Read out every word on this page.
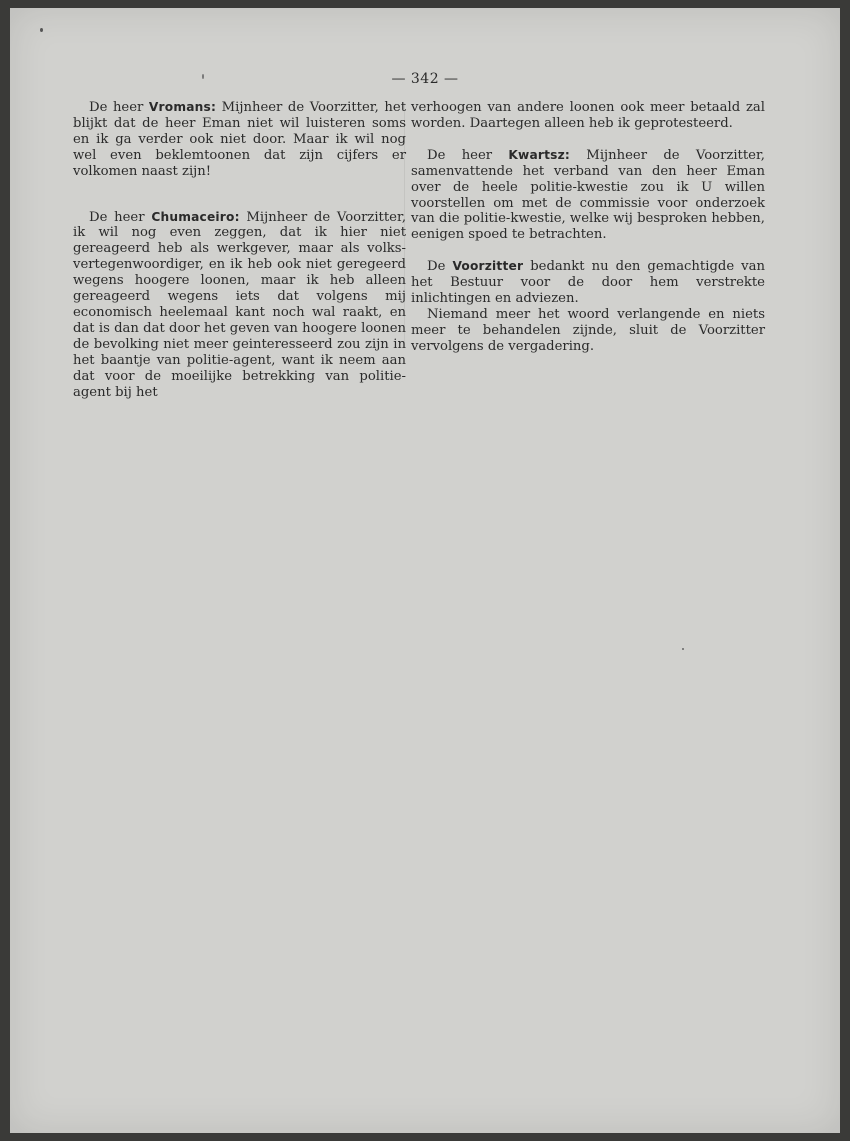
— 342 —

De heer Vromans: Mijnheer de Voorzitter, het blijkt dat de heer Eman niet wil luisteren soms en ik ga verder ook niet door. Maar ik wil nog wel even beklemtoonen dat zijn cijfers er volkomen naast zijn!

De heer Chumaceiro: Mijnheer de Voorzitter, ik wil nog even zeggen, dat ik hier niet gereageerd heb als werkgever, maar als volks-vertegenwoordiger, en ik heb ook niet geregeerd wegens hoogere loonen, maar ik heb alleen gereageerd wegens iets dat volgens mij economisch heelemaal kant noch wal raakt, en dat is dan dat door het geven van hoogere loonen de bevolking niet meer geinteresseerd zou zijn in het baantje van politie-agent, want ik neem aan dat voor de moeilijke betrekking van politie-agent bij het

verhoogen van andere loonen ook meer betaald zal worden. Daartegen alleen heb ik geprotesteerd.

De heer Kwartsz: Mijnheer de Voorzitter, samenvattende het verband van den heer Eman over de heele politie-kwestie zou ik U willen voorstellen om met de commissie voor onderzoek van die politie-kwestie, welke wij besproken hebben, eenigen spoed te betrachten.

De Voorzitter bedankt nu den gemachtigde van het Bestuur voor de door hem verstrekte inlichtingen en adviezen.

Niemand meer het woord verlangende en niets meer te behandelen zijnde, sluit de Voorzitter vervolgens de vergadering.
